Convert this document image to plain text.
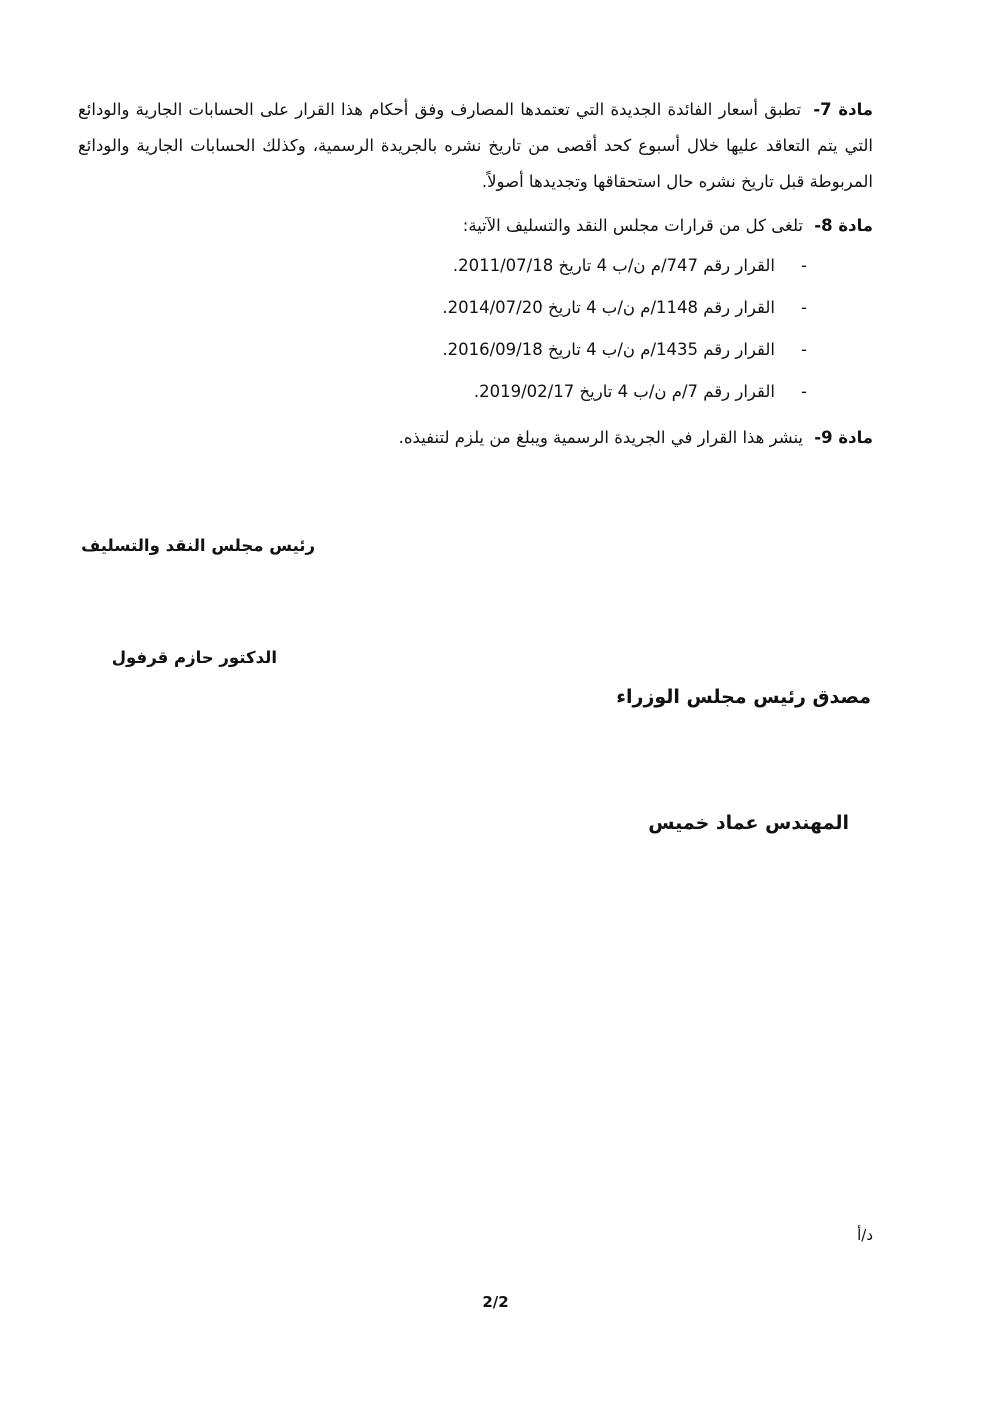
مادة 7- تطبق أسعار الفائدة الجديدة التي تعتمدها المصارف وفق أحكام هذا القرار على الحسابات الجارية والودائع التي يتم التعاقد عليها خلال أسبوع كحد أقصى من تاريخ نشره بالجريدة الرسمية، وكذلك الحسابات الجارية والودائع المربوطة قبل تاريخ نشره حال استحقاقها وتجديدها أصولاً.
مادة 8- تلغى كل من قرارات مجلس النقد والتسليف الآتية:
-
القرار رقم 747/م ن/ب 4 تاريخ 2011/07/18.
-
القرار رقم 1148/م ن/ب 4 تاريخ 2014/07/20.
-
القرار رقم 1435/م ن/ب 4 تاريخ 2016/09/18.
-
القرار رقم 7/م ن/ب 4 تاريخ 2019/02/17.
مادة 9- ينشر هذا القرار في الجريدة الرسمية ويبلغ من يلزم لتنفيذه.
رئيس مجلس النقد والتسليف
الدكتور حازم قرفول
مصدق رئيس مجلس الوزراء
المهندس عماد خميس
د/أ
2/2
